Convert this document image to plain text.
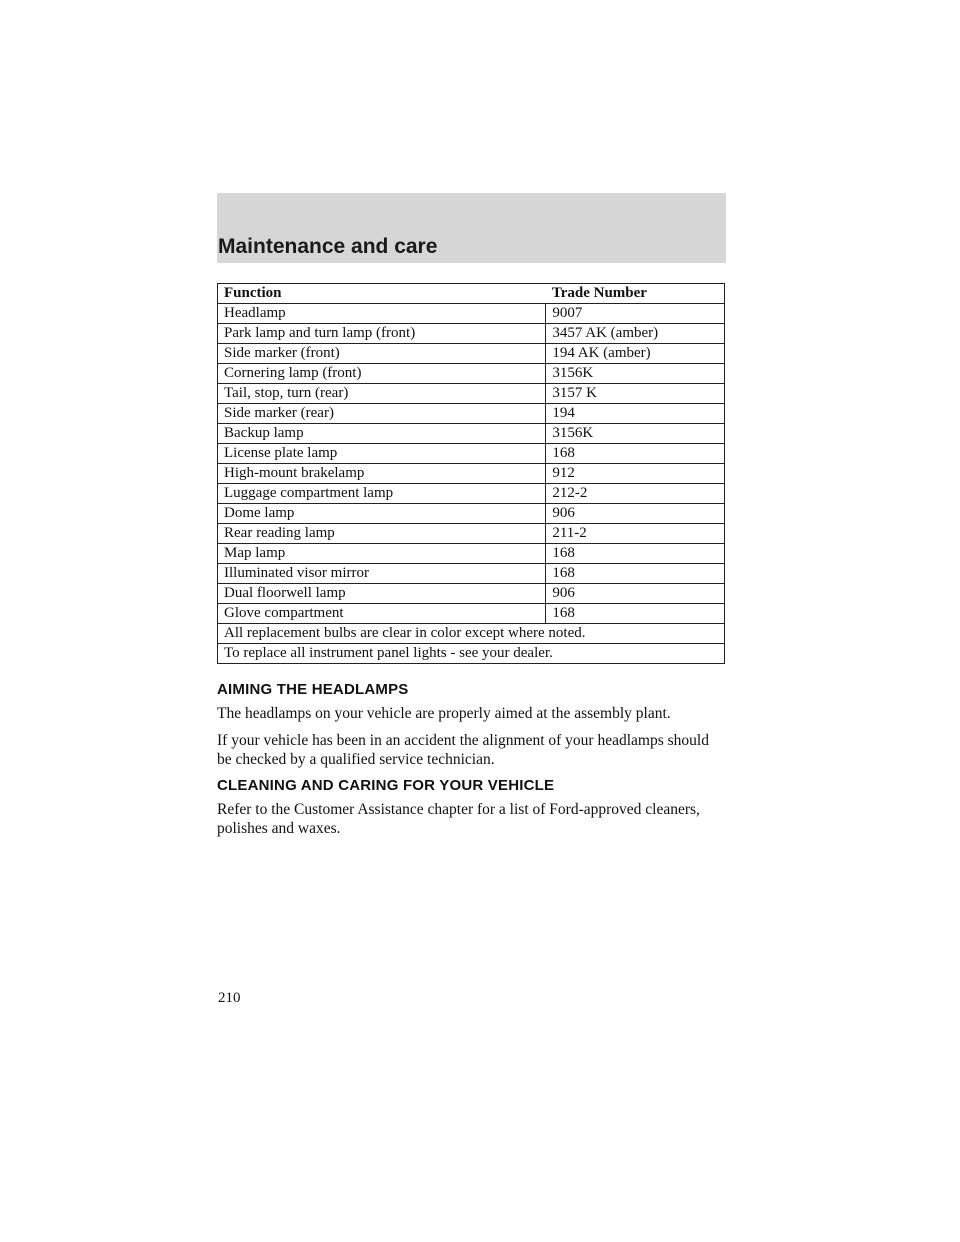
Maintenance and care
Function	Trade Number
Headlamp	9007
Park lamp and turn lamp (front)	3457 AK (amber)
Side marker (front)	194 AK (amber)
Cornering lamp (front)	3156K
Tail, stop, turn (rear)	3157 K
Side marker (rear)	194
Backup lamp	3156K
License plate lamp	168
High-mount brakelamp	912
Luggage compartment lamp	212-2
Dome lamp	906
Rear reading lamp	211-2
Map lamp	168
Illuminated visor mirror	168
Dual floorwell lamp	906
Glove compartment	168
All replacement bulbs are clear in color except where noted.	
To replace all instrument panel lights - see your dealer.	
AIMING THE HEADLAMPS

The headlamps on your vehicle are properly aimed at the assembly plant.

If your vehicle has been in an accident the alignment of your headlamps should be checked by a qualified service technician.

CLEANING AND CARING FOR YOUR VEHICLE

Refer to the Customer Assistance chapter for a list of Ford-approved cleaners, polishes and waxes.

210
